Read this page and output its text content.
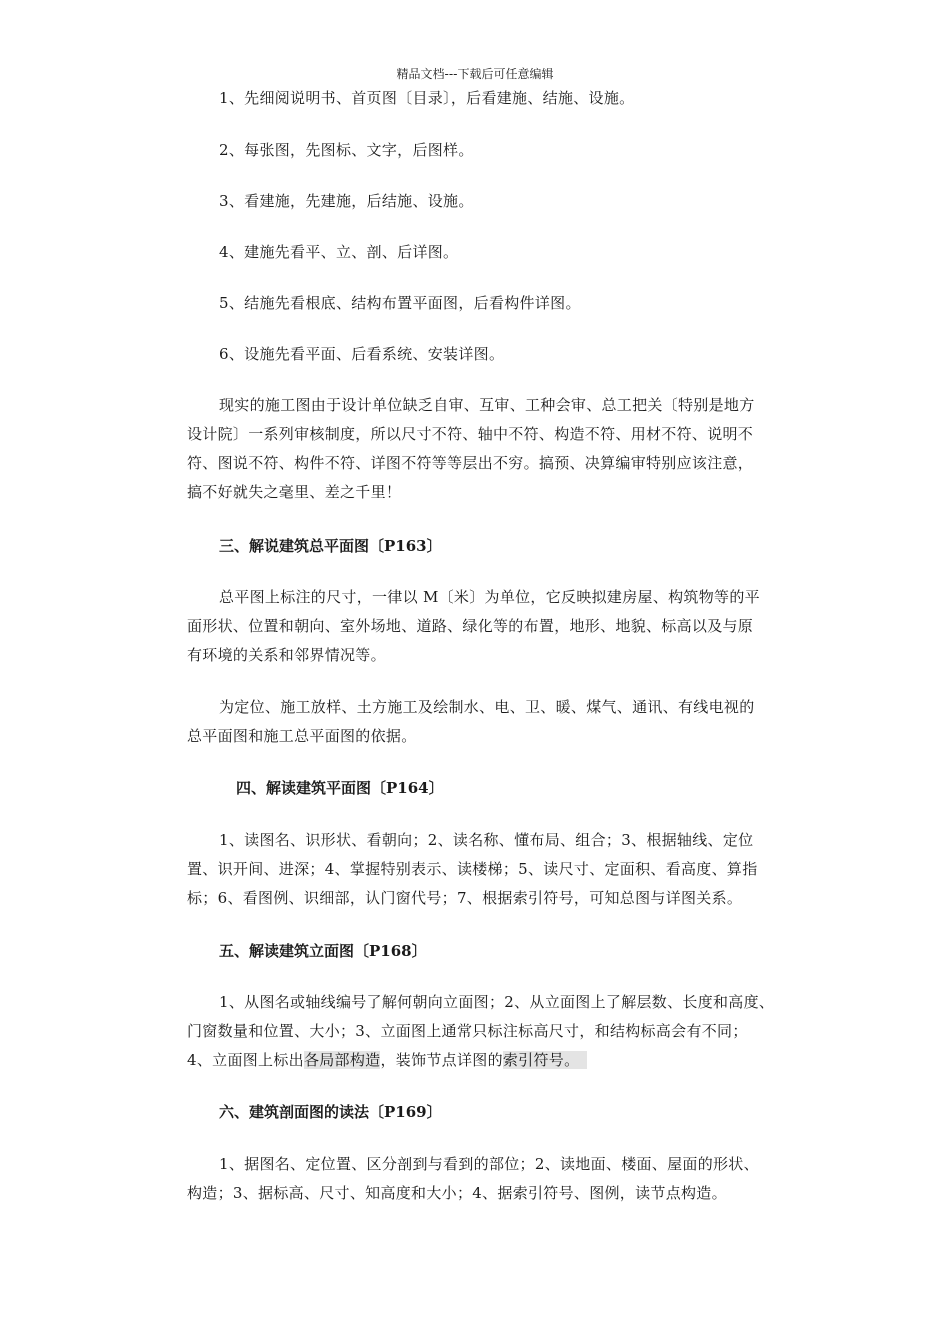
精品文档---下载后可任意编辑
1、先细阅说明书、首页图〔目录〕，后看建施、结施、设施。
2、每张图，先图标、文字，后图样。
3、看建施，先建施，后结施、设施。
4、建施先看平、立、剖、后详图。
5、结施先看根底、结构布置平面图，后看构件详图。
6、设施先看平面、后看系统、安装详图。
现实的施工图由于设计单位缺乏自审、互审、工种会审、总工把关〔特别是地方
设计院〕一系列审核制度，所以尺寸不符、轴中不符、构造不符、用材不符、说明不
符、图说不符、构件不符、详图不符等等层出不穷。搞预、决算编审特别应该注意，
搞不好就失之毫里、差之千里！
三、解说建筑总平面图〔P163〕
总平图上标注的尺寸，一律以 M〔米〕为单位，它反映拟建房屋、构筑物等的平
面形状、位置和朝向、室外场地、道路、绿化等的布置，地形、地貌、标高以及与原
有环境的关系和邻界情况等。
为定位、施工放样、土方施工及绘制水、电、卫、暖、煤气、通讯、有线电视的
总平面图和施工总平面图的依据。
四、解读建筑平面图〔P164〕
1、读图名、识形状、看朝向；2、读名称、懂布局、组合；3、根据轴线、定位
置、识开间、进深；4、掌握特别表示、读楼梯；5、读尺寸、定面积、看高度、算指
标；6、看图例、识细部，认门窗代号；7、根据索引符号，可知总图与详图关系。
五、解读建筑立面图〔P168〕
1、从图名或轴线编号了解何朝向立面图；2、从立面图上了解层数、长度和高度、
门窗数量和位置、大小；3、立面图上通常只标注标高尺寸，和结构标高会有不同；
4、立面图上标出各局部构造，装饰节点详图的索引符号。
六、建筑剖面图的读法〔P169〕
1、据图名、定位置、区分剖到与看到的部位；2、读地面、楼面、屋面的形状、
构造；3、据标高、尺寸、知高度和大小；4、据索引符号、图例，读节点构造。
